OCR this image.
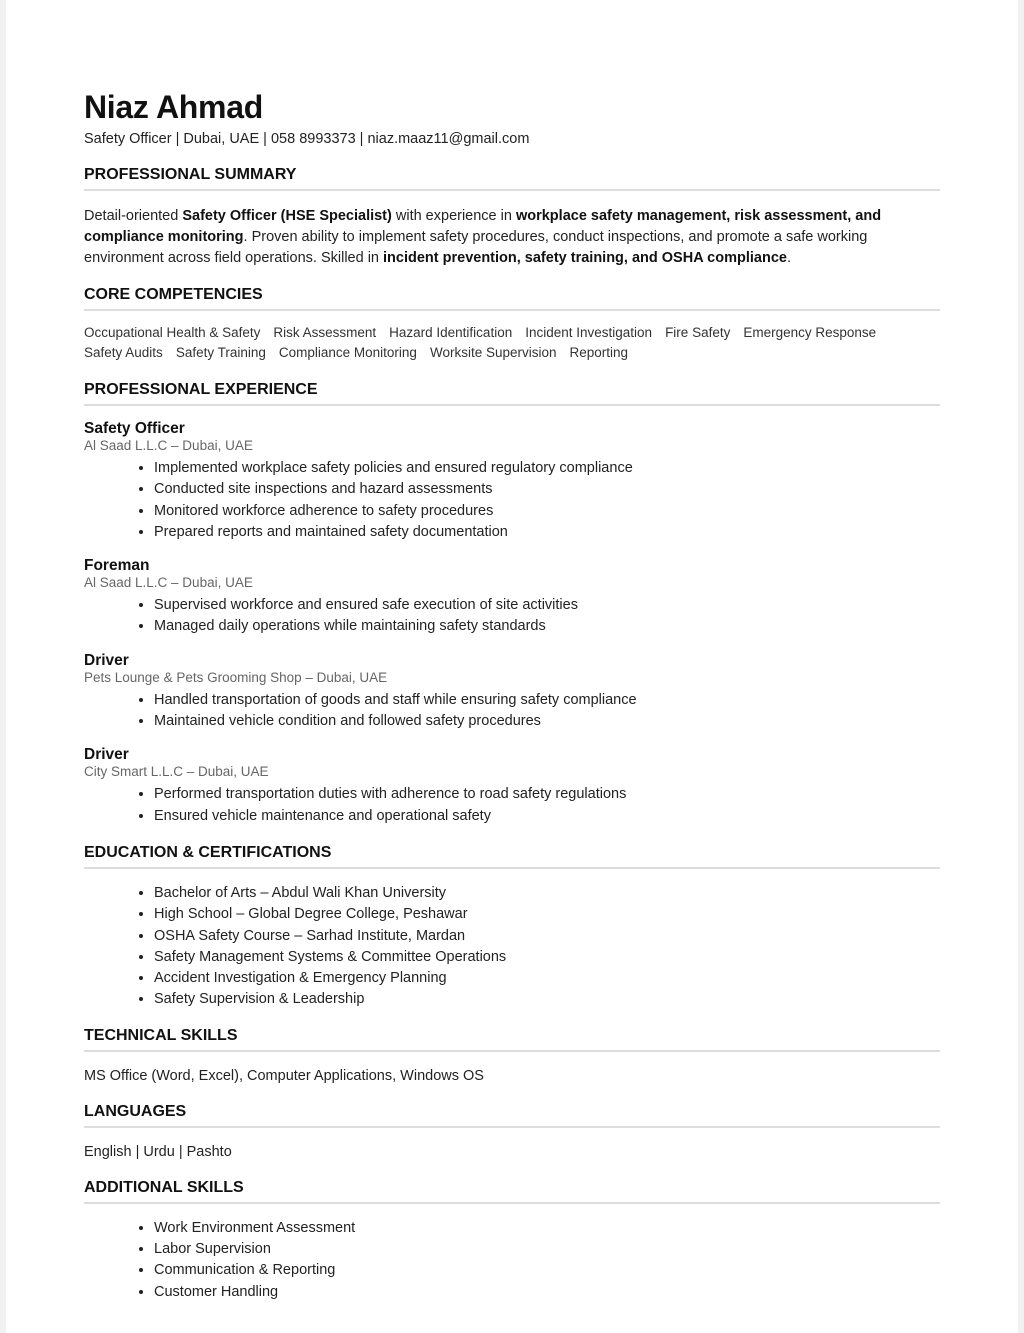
Niaz Ahmad
Safety Officer | Dubai, UAE | 058 8993373 | niaz.maaz11@gmail.com
PROFESSIONAL SUMMARY
Detail-oriented Safety Officer (HSE Specialist) with experience in workplace safety management, risk assessment, and compliance monitoring. Proven ability to implement safety procedures, conduct inspections, and promote a safe working environment across field operations. Skilled in incident prevention, safety training, and OSHA compliance.
CORE COMPETENCIES
Occupational Health & Safety Risk Assessment Hazard Identification Incident Investigation Fire Safety Emergency Response
Safety Audits Safety Training Compliance Monitoring Worksite Supervision Reporting
PROFESSIONAL EXPERIENCE
Safety Officer
Al Saad L.L.C – Dubai, UAE
• Implemented workplace safety policies and ensured regulatory compliance
• Conducted site inspections and hazard assessments
• Monitored workforce adherence to safety procedures
• Prepared reports and maintained safety documentation
Foreman
Al Saad L.L.C – Dubai, UAE
• Supervised workforce and ensured safe execution of site activities
• Managed daily operations while maintaining safety standards
Driver
Pets Lounge & Pets Grooming Shop – Dubai, UAE
• Handled transportation of goods and staff while ensuring safety compliance
• Maintained vehicle condition and followed safety procedures
Driver
City Smart L.L.C – Dubai, UAE
• Performed transportation duties with adherence to road safety regulations
• Ensured vehicle maintenance and operational safety
EDUCATION & CERTIFICATIONS
• Bachelor of Arts – Abdul Wali Khan University
• High School – Global Degree College, Peshawar
• OSHA Safety Course – Sarhad Institute, Mardan
• Safety Management Systems & Committee Operations
• Accident Investigation & Emergency Planning
• Safety Supervision & Leadership
TECHNICAL SKILLS
MS Office (Word, Excel), Computer Applications, Windows OS
LANGUAGES
English | Urdu | Pashto
ADDITIONAL SKILLS
• Work Environment Assessment
• Labor Supervision
• Communication & Reporting
• Customer Handling
